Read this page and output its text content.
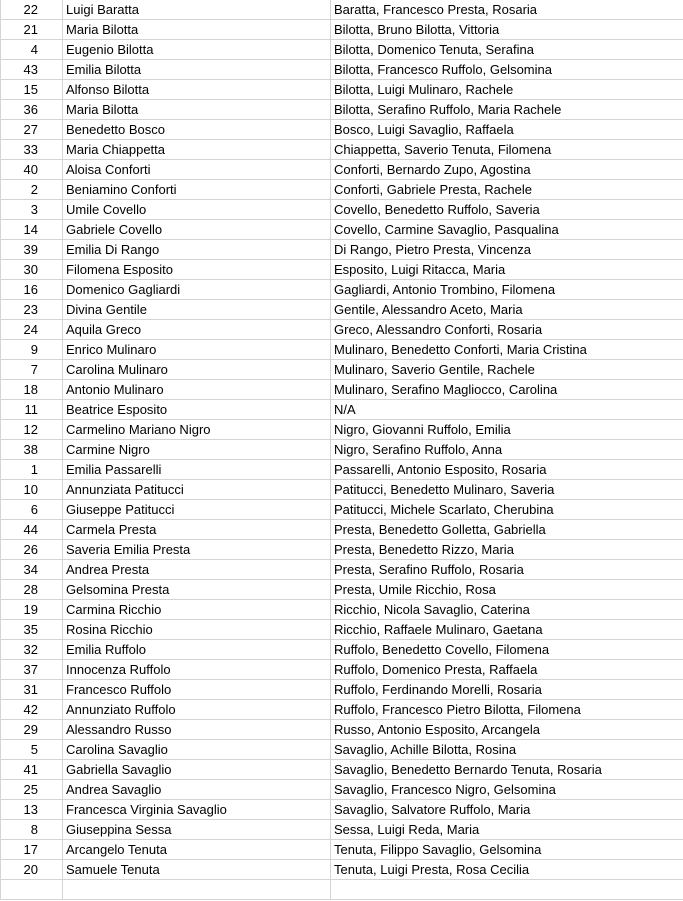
22	Luigi Baratta	Baratta, Francesco Presta, Rosaria
21	Maria Bilotta	Bilotta, Bruno Bilotta, Vittoria
4	Eugenio Bilotta	Bilotta, Domenico Tenuta, Serafina
43	Emilia Bilotta	Bilotta, Francesco Ruffolo, Gelsomina
15	Alfonso Bilotta	Bilotta, Luigi Mulinaro, Rachele
36	Maria Bilotta	Bilotta, Serafino Ruffolo, Maria Rachele
27	Benedetto Bosco	Bosco, Luigi Savaglio, Raffaela
33	Maria Chiappetta	Chiappetta, Saverio Tenuta, Filomena
40	Aloisa Conforti	Conforti, Bernardo Zupo, Agostina
2	Beniamino Conforti	Conforti, Gabriele Presta, Rachele
3	Umile Covello	Covello, Benedetto Ruffolo, Saveria
14	Gabriele Covello	Covello, Carmine Savaglio, Pasqualina
39	Emilia Di Rango	Di Rango, Pietro Presta, Vincenza
30	Filomena Esposito	Esposito, Luigi Ritacca, Maria
16	Domenico Gagliardi	Gagliardi, Antonio Trombino, Filomena
23	Divina Gentile	Gentile, Alessandro Aceto, Maria
24	Aquila Greco	Greco, Alessandro Conforti, Rosaria
9	Enrico Mulinaro	Mulinaro, Benedetto Conforti, Maria Cristina
7	Carolina Mulinaro	Mulinaro, Saverio Gentile, Rachele
18	Antonio Mulinaro	Mulinaro, Serafino Magliocco, Carolina
11	Beatrice Esposito	N/A
12	Carmelino Mariano Nigro	Nigro, Giovanni Ruffolo, Emilia
38	Carmine Nigro	Nigro, Serafino Ruffolo, Anna
1	Emilia Passarelli	Passarelli, Antonio Esposito, Rosaria
10	Annunziata Patitucci	Patitucci, Benedetto Mulinaro, Saveria
6	Giuseppe Patitucci	Patitucci, Michele Scarlato, Cherubina
44	Carmela Presta	Presta, Benedetto Golletta, Gabriella
26	Saveria Emilia Presta	Presta, Benedetto Rizzo, Maria
34	Andrea Presta	Presta, Serafino Ruffolo, Rosaria
28	Gelsomina Presta	Presta, Umile Ricchio, Rosa
19	Carmina Ricchio	Ricchio, Nicola Savaglio, Caterina
35	Rosina Ricchio	Ricchio, Raffaele Mulinaro, Gaetana
32	Emilia Ruffolo	Ruffolo, Benedetto Covello, Filomena
37	Innocenza Ruffolo	Ruffolo, Domenico Presta, Raffaela
31	Francesco Ruffolo	Ruffolo, Ferdinando Morelli, Rosaria
42	Annunziato Ruffolo	Ruffolo, Francesco Pietro Bilotta, Filomena
29	Alessandro Russo	Russo, Antonio Esposito, Arcangela
5	Carolina Savaglio	Savaglio, Achille Bilotta, Rosina
41	Gabriella Savaglio	Savaglio, Benedetto Bernardo Tenuta, Rosaria
25	Andrea Savaglio	Savaglio, Francesco Nigro, Gelsomina
13	Francesca Virginia Savaglio	Savaglio, Salvatore Ruffolo, Maria
8	Giuseppina Sessa	Sessa, Luigi Reda, Maria
17	Arcangelo Tenuta	Tenuta, Filippo Savaglio, Gelsomina
20	Samuele Tenuta	Tenuta, Luigi Presta, Rosa Cecilia
